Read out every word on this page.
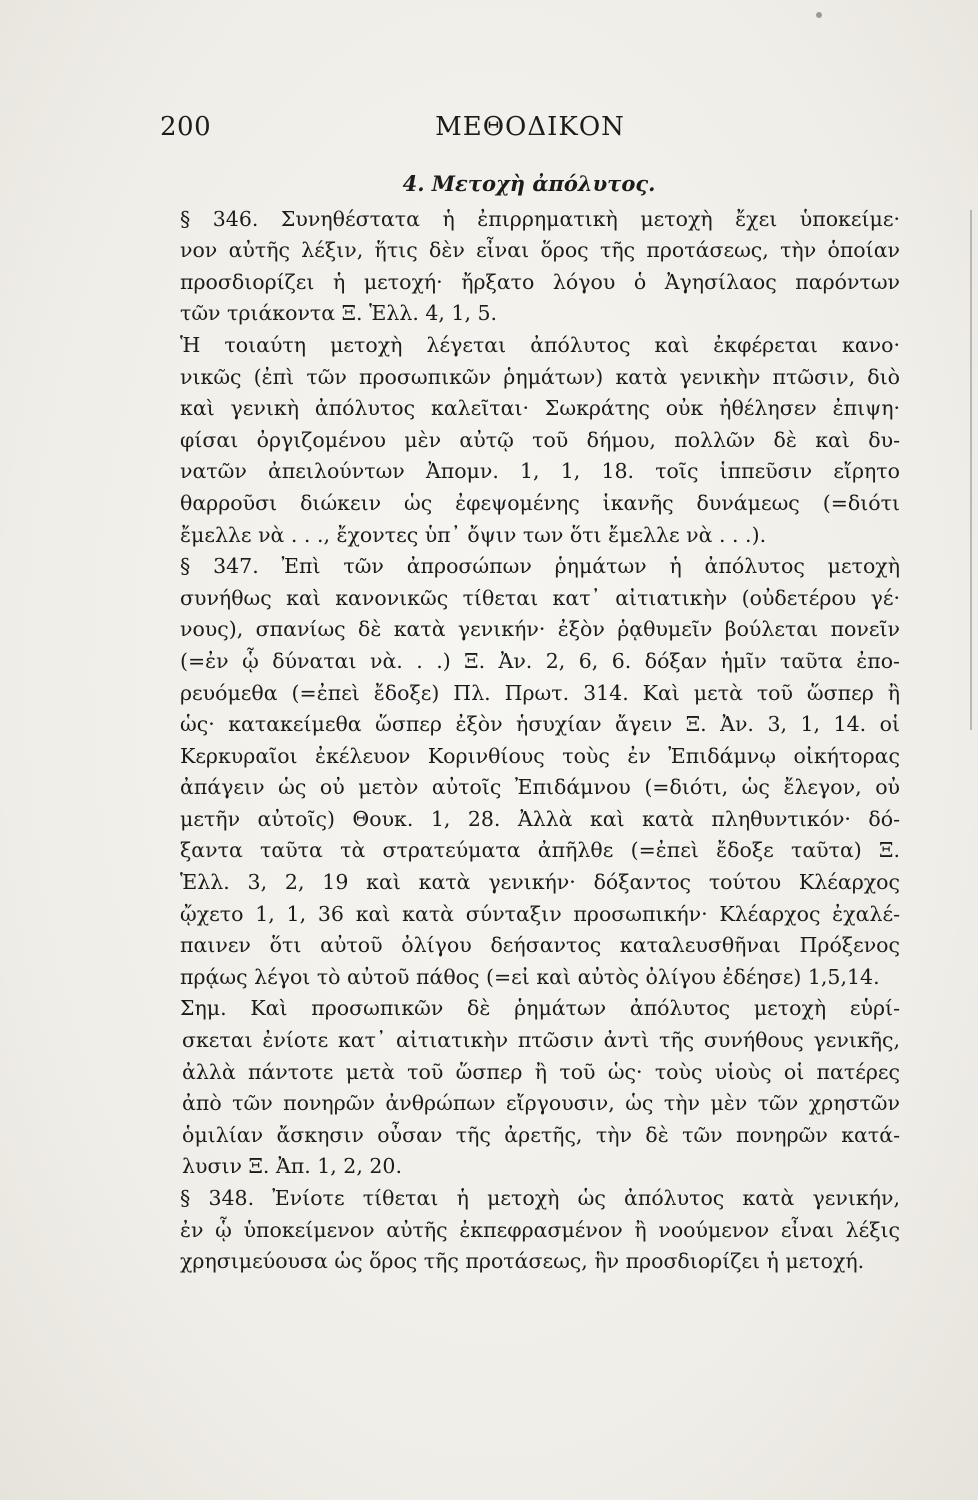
200	ΜΕΘΟΔΙΚΟΝ
4. Μετοχὴ ἀπόλυτος.
§ 346. Συνηθέστατα ἡ ἐπιρρηματικὴ μετοχὴ ἔχει ὑποκείμε·
νον αὐτῆς λέξιν, ἥτις δὲν εἶναι ὅρος τῆς προτάσεως, τὴν ὁποίαν
προσδιορίζει ἡ μετοχή· ἤρξατο λόγου ὁ Ἀγησίλαος παρόντων
τῶν τριάκοντα Ξ. Ἑλλ. 4, 1, 5.
Ἡ τοιαύτη μετοχὴ λέγεται ἀπόλυτος καὶ ἐκφέρεται κανο·
νικῶς (ἐπὶ τῶν προσωπικῶν ῥημάτων) κατὰ γενικὴν πτῶσιν, διὸ
καὶ γενικὴ ἀπόλυτος καλεῖται· Σωκράτης οὐκ ἠθέλησεν ἐπιψη·
φίσαι ὀργιζομένου μὲν αὐτῷ τοῦ δήμου, πολλῶν δὲ καὶ δυ-
νατῶν ἀπειλούντων Ἀπομν. 1, 1, 18. τοῖς ἱππεῦσιν εἴρητο
θαρροῦσι διώκειν ὡς ἐφεψομένης ἱκανῆς δυνάμεως (=διότι
ἔμελλε νὰ . . ., ἔχοντες ὑπ᾽ ὄψιν των ὅτι ἔμελλε νὰ . . .).
§ 347. Ἐπὶ τῶν ἀπροσώπων ῥημάτων ἡ ἀπόλυτος μετοχὴ
συνήθως καὶ κανονικῶς τίθεται κατ᾽ αἰτιατικὴν (οὐδετέρου γέ·
νους), σπανίως δὲ κατὰ γενικήν· ἐξὸν ῥᾳθυμεῖν βούλεται πονεῖν
(=ἐν ᾧ δύναται νὰ. . .) Ξ. Ἀν. 2, 6, 6. δόξαν ἡμῖν ταῦτα ἐπο-
ρευόμεθα (=ἐπεὶ ἔδοξε) Πλ. Πρωτ. 314. Καὶ μετὰ τοῦ ὥσπερ ἢ
ὡς· κατακείμεθα ὥσπερ ἐξὸν ἡσυχίαν ἄγειν Ξ. Ἀν. 3, 1, 14. οἱ
Κερκυραῖοι ἐκέλευον Κορινθίους τοὺς ἐν Ἐπιδάμνῳ οἰκήτορας
ἀπάγειν ὡς οὐ μετὸν αὐτοῖς Ἐπιδάμνου (=διότι, ὡς ἔλεγον, οὐ
μετῆν αὐτοῖς) Θουκ. 1, 28. Ἀλλὰ καὶ κατὰ πληθυντικόν· δό-
ξαντα ταῦτα τὰ στρατεύματα ἀπῆλθε (=ἐπεὶ ἔδοξε ταῦτα) Ξ.
Ἑλλ. 3, 2, 19 καὶ κατὰ γενικήν· δόξαντος τούτου Κλέαρχος
ᾤχετο 1, 1, 36 καὶ κατὰ σύνταξιν προσωπικήν· Κλέαρχος ἐχαλέ-
παινεν ὅτι αὐτοῦ ὀλίγου δεήσαντος καταλευσθῆναι Πρόξενος
πρᾴως λέγοι τὸ αὐτοῦ πάθος (=εἰ καὶ αὐτὸς ὀλίγου ἐδέησε) 1,5,14.
Σημ. Καὶ προσωπικῶν δὲ ῥημάτων ἀπόλυτος μετοχὴ εὑρί-
σκεται ἐνίοτε κατ᾽ αἰτιατικὴν πτῶσιν ἀντὶ τῆς συνήθους γενικῆς,
ἀλλὰ πάντοτε μετὰ τοῦ ὥσπερ ἢ τοῦ ὡς· τοὺς υἱοὺς οἱ πατέρες
ἀπὸ τῶν πονηρῶν ἀνθρώπων εἴργουσιν, ὡς τὴν μὲν τῶν χρηστῶν
ὁμιλίαν ἄσκησιν οὖσαν τῆς ἀρετῆς, τὴν δὲ τῶν πονηρῶν κατά-
λυσιν Ξ. Ἀπ. 1, 2, 20.
§ 348. Ἐνίοτε τίθεται ἡ μετοχὴ ὡς ἀπόλυτος κατὰ γενικήν,
ἐν ᾧ ὑποκείμενον αὐτῆς ἐκπεφρασμένον ἢ νοούμενον εἶναι λέξις
χρησιμεύουσα ὡς ὅρος τῆς προτάσεως, ἣν προσδιορίζει ἡ μετοχή.
